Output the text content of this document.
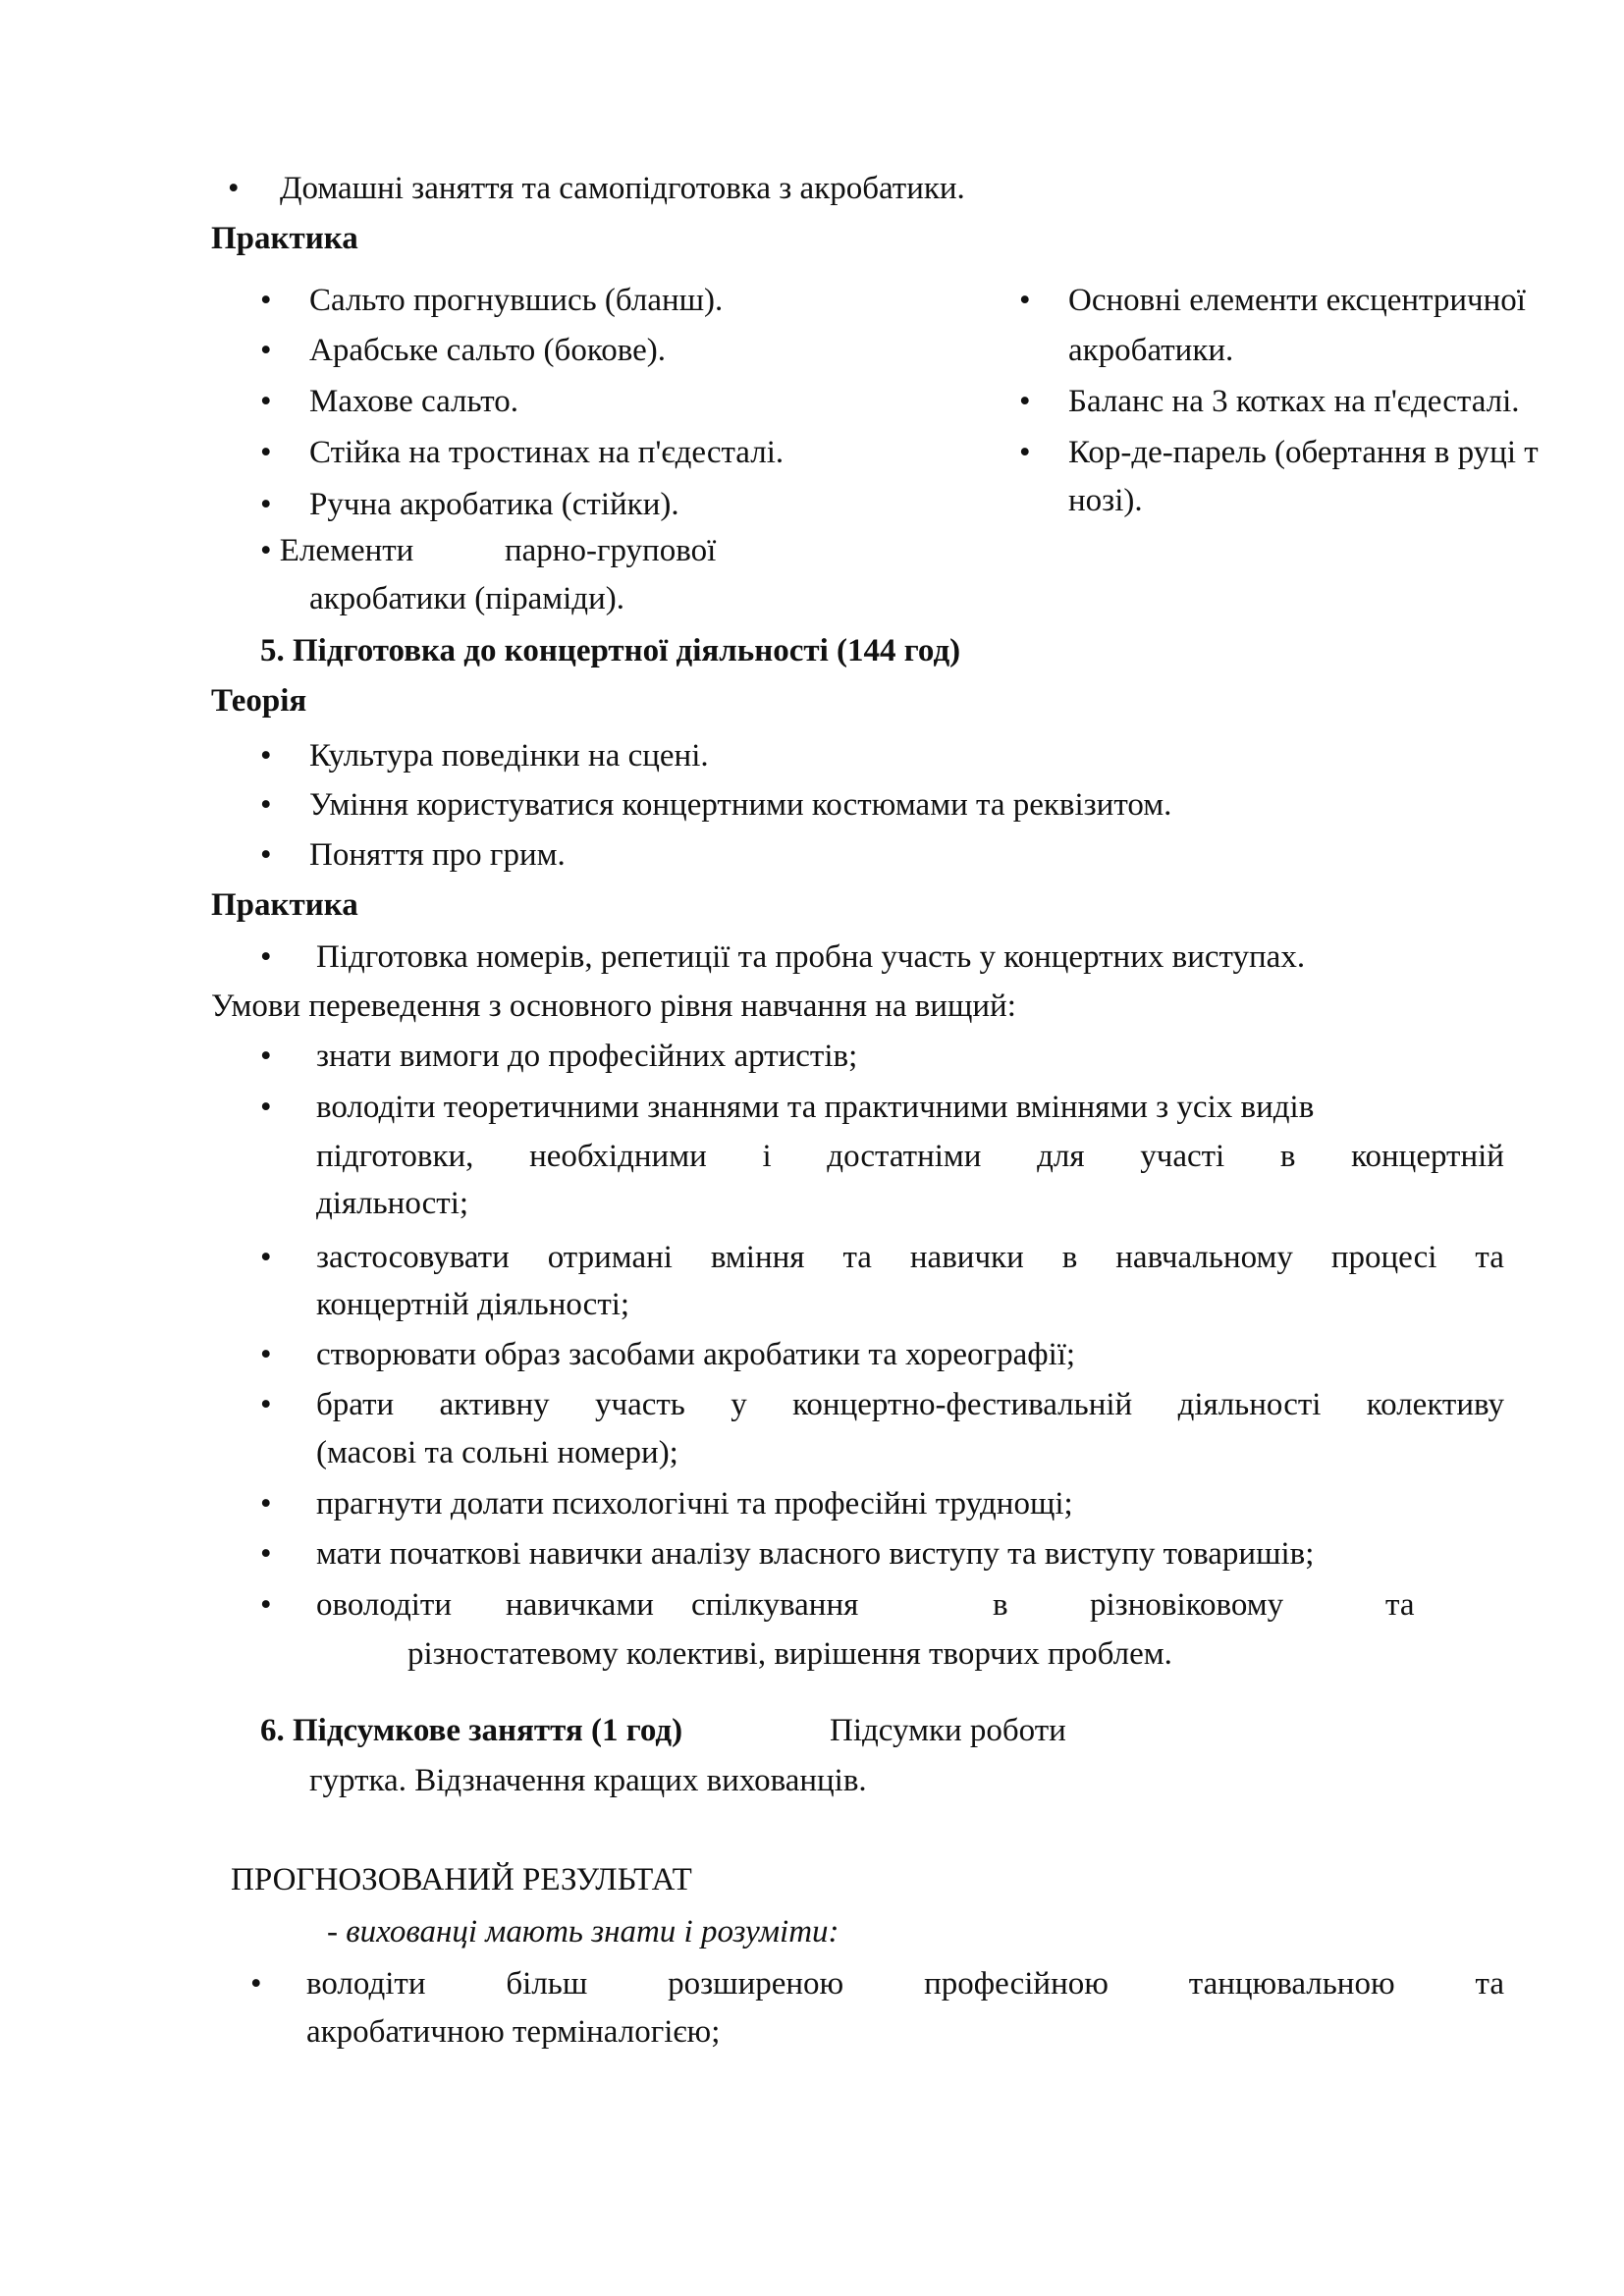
• Домашні заняття та самопідготовка з акробатики.
Практика
• Сальто прогнувшись (бланш).
• Арабське сальто (бокове).
• Махове сальто.
• Стійка на тростинах на п'єдесталі.
• Ручна акробатика (стійки).
• Елементи	парно-групової
акробатики (піраміди).
• Основні елементи ексцентричної
акробатики.
• Баланс на 3 котках на п'єдесталі.
• Кор-де-парель (обертання в руці т
нозі).
5. Підготовка до концертної діяльності (144 год)
Теорія
• Культура поведінки на сцені.
• Уміння користуватися концертними костюмами та реквізитом.
• Поняття про грим.
Практика
• Підготовка номерів, репетиції та пробна участь у концертних виступах.
Умови переведення з основного рівня навчання на вищий:
• знати вимоги до професійних артистів;
• володіти теоретичними знаннями та практичними вміннями з усіх видів
підготовки, необхідними і достатніми для участі в концертній
діяльності;
• застосовувати отримані вміння та навички в навчальному процесі та
концертній діяльності;
• створювати образ засобами акробатики та хореографії;
• брати активну участь у концертно-фестивальній діяльності колективу
(масові та сольні номери);
• прагнути долати психологічні та професійні труднощі;
• мати початкові навички аналізу власного виступу та виступу товаришів;
• оволодіти навичками спілкування	в	різновіковому	та
різностатевому колективі, вирішення творчих проблем.
6. Підсумкове заняття (1 год)	Підсумки роботи
гуртка. Відзначення кращих вихованців.
ПРОГНОЗОВАНИЙ РЕЗУЛЬТАТ
- вихованці мають знати і розуміти:
• володіти більш розширеною професійною танцювальною та
акробатичною терміналогією;
